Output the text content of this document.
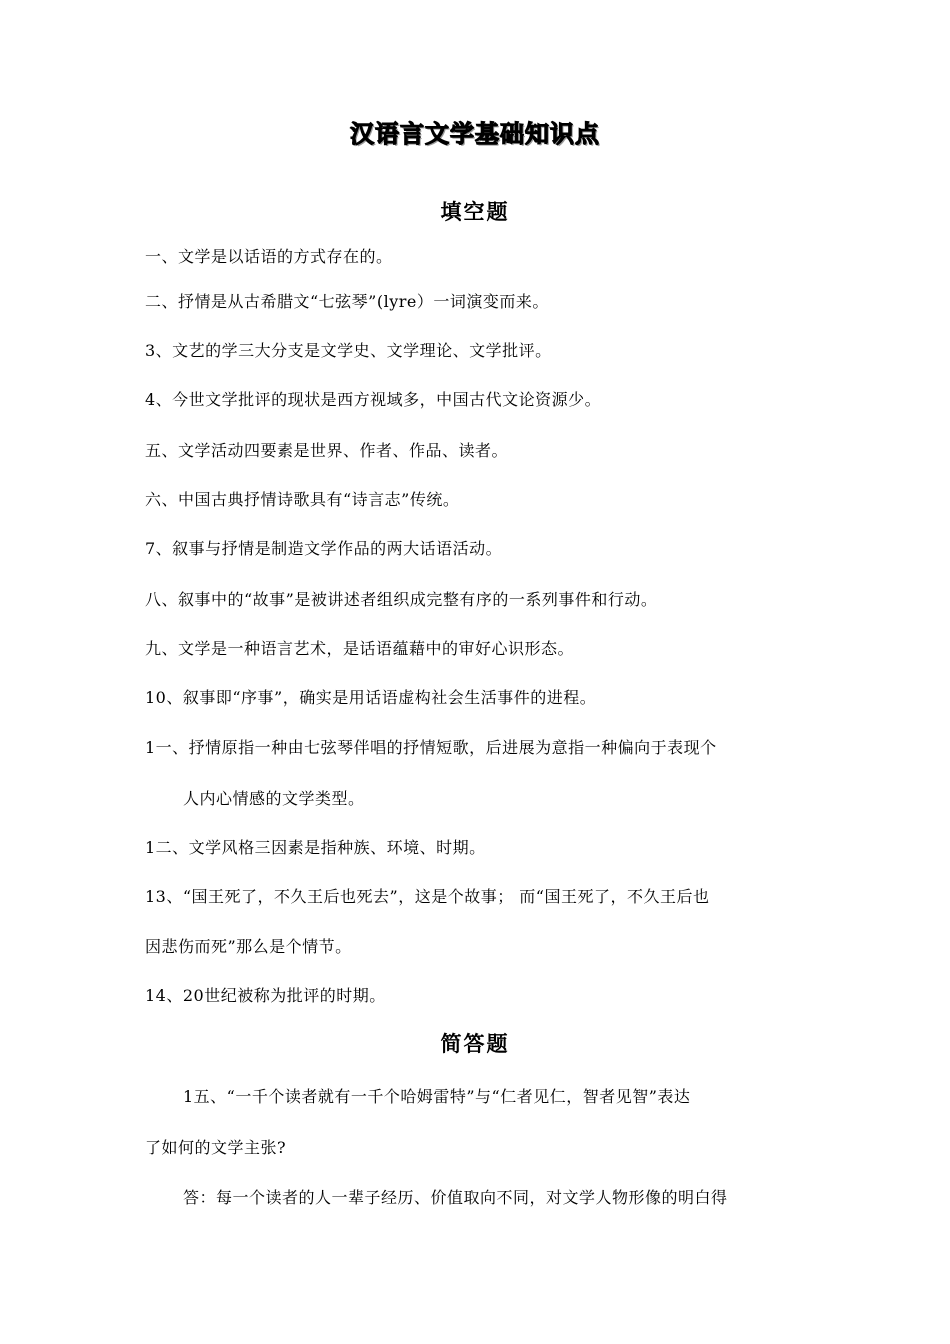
汉语言文学基础知识点
填空题
一、文学是以话语的方式存在的。
二、抒情是从古希腊文“七弦琴”(lyre）一词演变而来。
3、文艺的学三大分支是文学史、文学理论、文学批评。
4、今世文学批评的现状是西方视域多，中国古代文论资源少。
五、文学活动四要素是世界、作者、作品、读者。
六、中国古典抒情诗歌具有“诗言志”传统。
7、叙事与抒情是制造文学作品的两大话语活动。
八、叙事中的“故事”是被讲述者组织成完整有序的一系列事件和行动。
九、文学是一种语言艺术，是话语蕴藉中的审好心识形态。
10、叙事即“序事”，确实是用话语虚构社会生活事件的进程。
1一、抒情原指一种由七弦琴伴唱的抒情短歌，后进展为意指一种偏向于表现个
人内心情感的文学类型。
1二、文学风格三因素是指种族、环境、时期。
13、“国王死了，不久王后也死去”，这是个故事； 而“国王死了，不久王后也
因悲伤而死”那么是个情节。
14、20世纪被称为批评的时期。
简答题
1五、“一千个读者就有一千个哈姆雷特”与“仁者见仁，智者见智”表达
了如何的文学主张?
答：每一个读者的人一辈子经历、价值取向不同，对文学人物形像的明白得
